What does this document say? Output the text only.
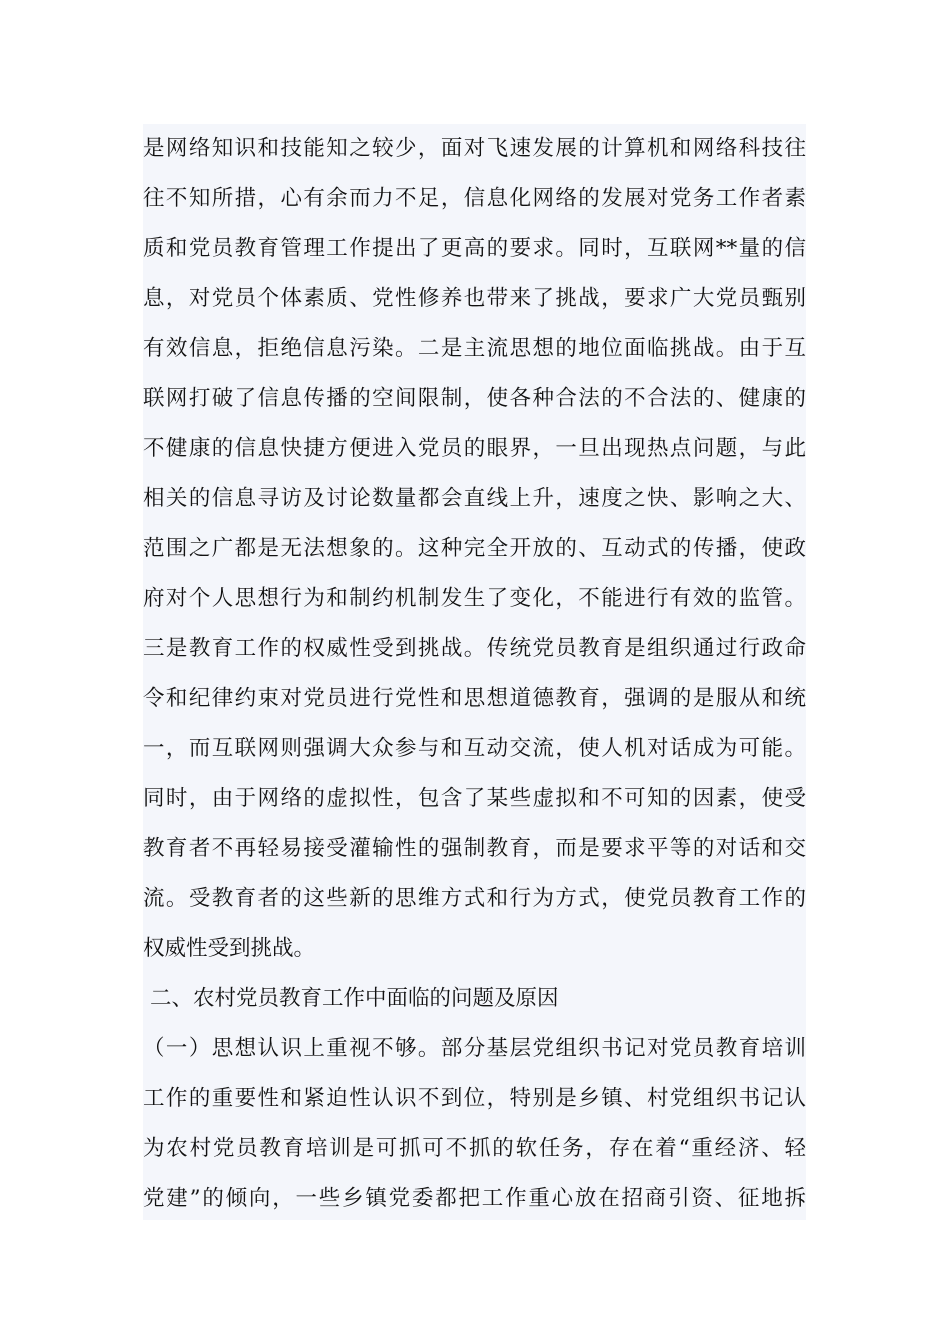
是网络知识和技能知之较少，面对飞速发展的计算机和网络科技往
往不知所措，心有余而力不足，信息化网络的发展对党务工作者素
质和党员教育管理工作提出了更高的要求。同时，互联网**量的信
息，对党员个体素质、党性修养也带来了挑战，要求广大党员甄别
有效信息，拒绝信息污染。二是主流思想的地位面临挑战。由于互
联网打破了信息传播的空间限制，使各种合法的不合法的、健康的
不健康的信息快捷方便进入党员的眼界，一旦出现热点问题，与此
相关的信息寻访及讨论数量都会直线上升，速度之快、影响之大、
范围之广都是无法想象的。这种完全开放的、互动式的传播，使政
府对个人思想行为和制约机制发生了变化，不能进行有效的监管。
三是教育工作的权威性受到挑战。传统党员教育是组织通过行政命
令和纪律约束对党员进行党性和思想道德教育，强调的是服从和统
一，而互联网则强调大众参与和互动交流，使人机对话成为可能。
同时，由于网络的虚拟性，包含了某些虚拟和不可知的因素，使受
教育者不再轻易接受灌输性的强制教育，而是要求平等的对话和交
流。受教育者的这些新的思维方式和行为方式，使党员教育工作的
权威性受到挑战。
二、农村党员教育工作中面临的问题及原因
（一）思想认识上重视不够。部分基层党组织书记对党员教育培训
工作的重要性和紧迫性认识不到位，特别是乡镇、村党组织书记认
为农村党员教育培训是可抓可不抓的软任务，存在着“重经济、轻
党建”的倾向，一些乡镇党委都把工作重心放在招商引资、征地拆
